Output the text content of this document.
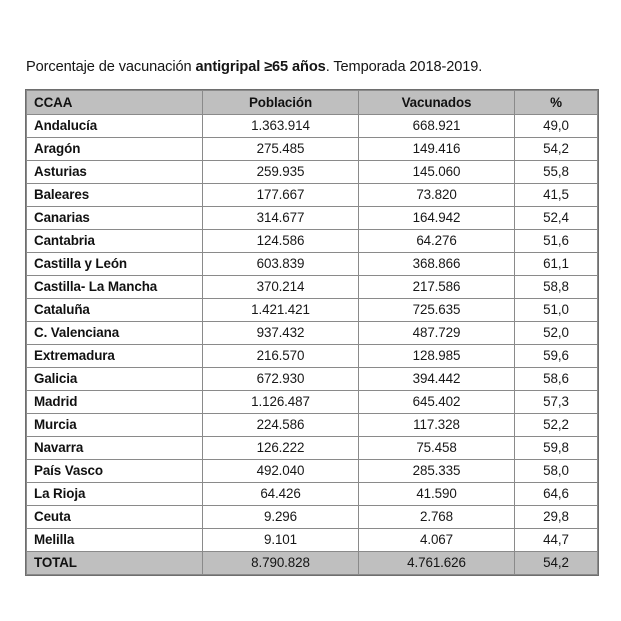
Porcentaje de vacunación antigripal ≥65 años. Temporada 2018-2019.
CCAA	Población	Vacunados	%
Andalucía	1.363.914	668.921	49,0
Aragón	275.485	149.416	54,2
Asturias	259.935	145.060	55,8
Baleares	177.667	73.820	41,5
Canarias	314.677	164.942	52,4
Cantabria	124.586	64.276	51,6
Castilla y León	603.839	368.866	61,1
Castilla- La Mancha	370.214	217.586	58,8
Cataluña	1.421.421	725.635	51,0
C. Valenciana	937.432	487.729	52,0
Extremadura	216.570	128.985	59,6
Galicia	672.930	394.442	58,6
Madrid	1.126.487	645.402	57,3
Murcia	224.586	117.328	52,2
Navarra	126.222	75.458	59,8
País Vasco	492.040	285.335	58,0
La Rioja	64.426	41.590	64,6
Ceuta	9.296	2.768	29,8
Melilla	9.101	4.067	44,7
TOTAL	8.790.828	4.761.626	54,2
